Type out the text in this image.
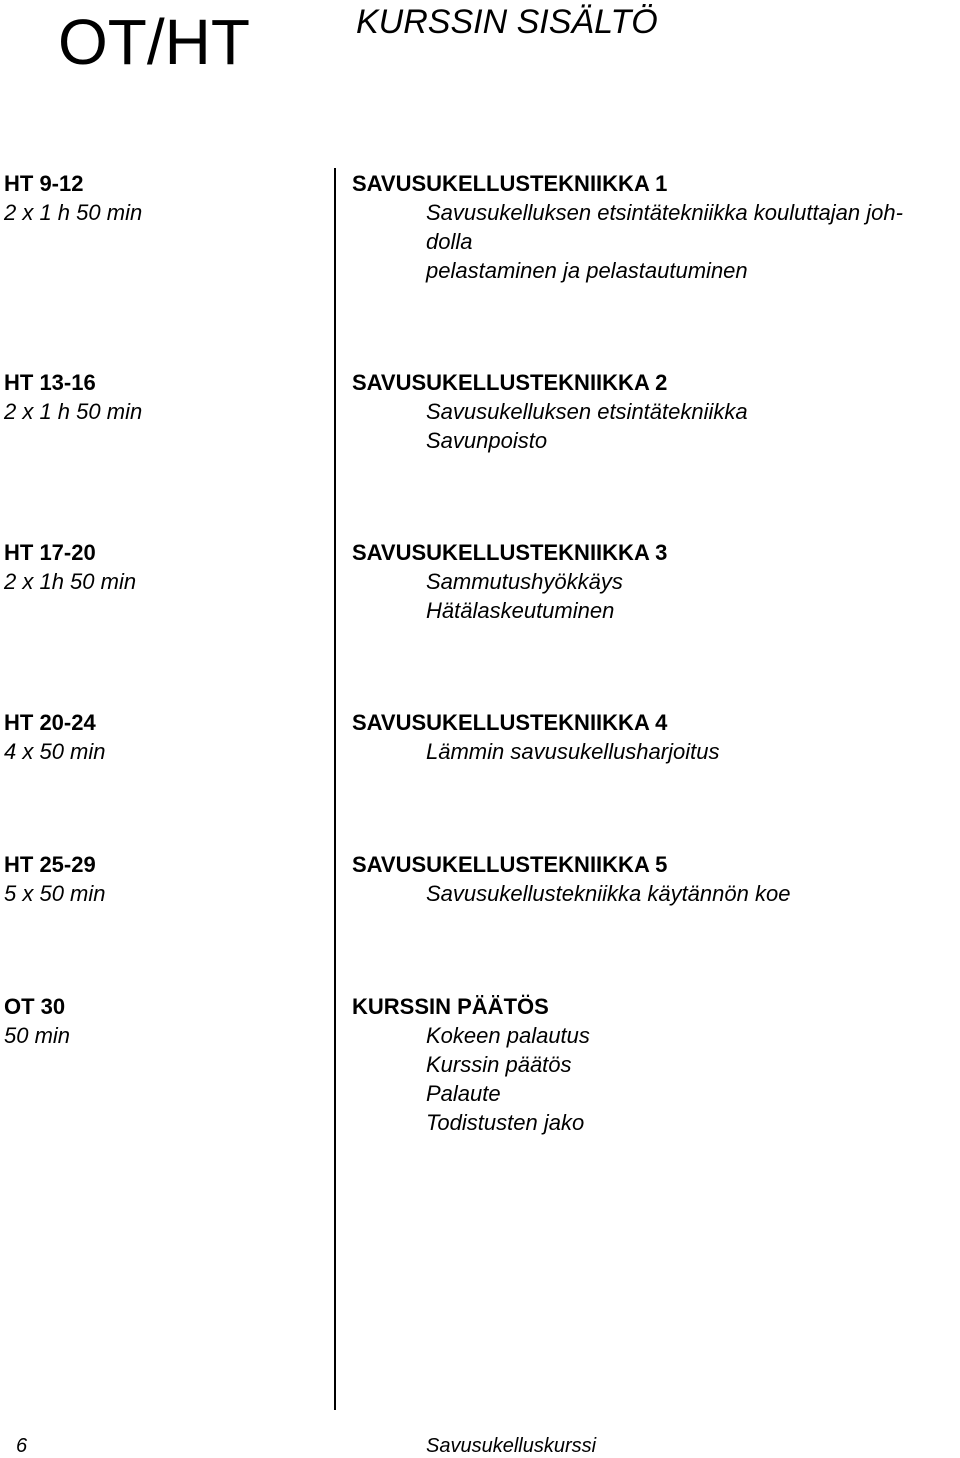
OT/HT	KURSSIN SISÄLTÖ
HT 9-12
2 x 1 h 50 min
SAVUSUKELLUSTEKNIIKKA 1
Savusukelluksen etsintätekniikka kouluttajan joh-
dolla
pelastaminen ja pelastautuminen
HT 13-16
2 x 1 h 50 min
SAVUSUKELLUSTEKNIIKKA 2
Savusukelluksen etsintätekniikka
Savunpoisto
HT 17-20
2 x 1h 50 min
SAVUSUKELLUSTEKNIIKKA 3
Sammutushyökkäys
Hätälaskeutuminen
HT 20-24
4 x 50 min
SAVUSUKELLUSTEKNIIKKA 4
Lämmin savusukellusharjoitus
HT 25-29
5 x 50 min
SAVUSUKELLUSTEKNIIKKA 5
Savusukellustekniikka käytännön koe
OT 30
50 min
KURSSIN PÄÄTÖS
Kokeen palautus
Kurssin päätös
Palaute
Todistusten jako
6	Savusukelluskurssi
